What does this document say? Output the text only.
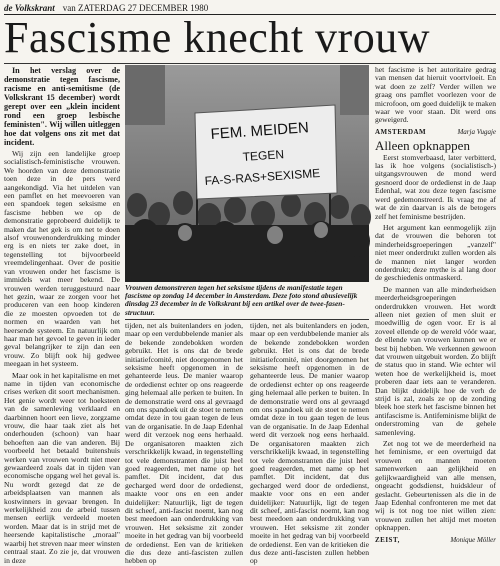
de Volkskrant van ZATERDAG 27 DECEMBER 1980
Fascisme knecht vrouw

In het verslag over de demonstratie tegen fascisme, racisme en anti-semitisme (de Volkskrant 15 december) wordt gerept over een „klein incident rond een groep lesbische feministen". Wij willen uitleggen hoe dat volgens ons zit met dat incident.

Wij zijn een landelijke groep socialistisch-feministische vrouwen. We hoorden van deze demonstratie toen deze in de pers werd aangekondigd. Via het uitdelen van een pamflet en het meevoeren van een spandoek tegen seksisme en fascisme hebben we op de demonstratie geprobeerd duidelijk te maken dat het gek is om net te doen alsof vrouwenonderdrukking minder erg is en niets ter zake doet, in tegenstelling tot bijvoorbeeld vreemdelingenhaat. Over de positie van vrouwen onder het fascisme is immidels wat meer bekend. De vrouwen werden teruggestuurd naar het gezin, waar ze zorgen voor het produceren van een hoop kinderen die ze moesten opvoeden tot de normen en waarden van het heersende systeem. En natuurlijk om haar man het gevoel te geven in ieder geval belangrijker te zijn dan een vrouw. Zo blijft ook hij gedwee meegaan in het systeem.

Maar ook in het kapitalisme en met name in tijden van economische crises werken dit soort mechanismen. Het genie wordt weer tot hoeksteen van de samenleving verklaard en daarbinnen hoort een lieve, zorgzame vrouw, die haar taak ziet als het onderhouden (schoon) van haar behoeften aan die van anderen. Bij voorbeeld het betaald buitenshuis werken van vrouwen wordt niet meer gewaardeerd zoals dat in tijden van economische opgang wel het geval is. Nu wordt gezegd dat ze de arbeidsplaatsen van mannen als kostwinners in gevaar brengen. In werkelijkheid zou de arbeid tussen mensen eerlijk verdeeld moeten worden. Maar dat is in strijd met de heersende kapitalistische „moraal" waarbij het streven naar meer winsten centraal staat. Zo zie je, dat vrouwen in deze

FEM. MEIDEN
TEGEN
FA-S-RAS+SEXISME
Vrouwen demonstreren tegen het seksisme tijdens de manifestatie tegen fascisme op zondag 14 december in Amsterdam. Deze foto stond abusievelijk dinsdag 23 december in de Volkskrant bij een artikel over de twee-fasen-structuur.

tijden, net als buitenlanders en joden, maar op een verdubbelende manier als de bekende zondebokken worden gebruikt. Het is ons dat de brede initiatiefcomité, niet doorgenomen het seksisme heeft opgenomen in de gehanteerde leus. De manier waarop de ordedienst echter op ons reageerde ging helemaal alle perken te buiten. In de demonstratie werd ons al gevraagd om ons spandoek uit de stoet te nemen omdat deze in tou gaan tegen de leus van de organisatie. In de Jaap Edenhal werd dit verzoek nog eens herhaald. De organisatoren maakten zich verschrikkelijk kwaad, in tegenstelling tot vele demonstranten die juist heel goed reageerden, met name op het pamflet. Dit incident, dat dus gecharged werd door de ordedienst, maakte voor ons en een ander duidelijker: Natuurlijk, ligt de tegen dit scheef, anti-fascist noemt, kan nog best meedoen aan onderdrukking van vrouwen. Het seksisme zit zonder moeite in het gedrag van bij voorbeeld de ordedienst. Een van de kritieken die dus deze anti-fascisten zullen hebben op

tijden, net als buitenlanders en joden, maar op een verdubbelende manier als de bekende zondebokken worden gebruikt. Het is ons dat de brede initiatiefcomité, niet doorgenomen het seksisme heeft opgenomen in de gehanteerde leus. De manier waarop de ordedienst echter op ons reageerde ging helemaal alle perken te buiten. In de demonstratie werd ons al gevraagd om ons spandoek uit de stoet te nemen omdat deze in tou gaan tegen de leus van de organisatie. In de Jaap Edenhal werd dit verzoek nog eens herhaald. De organisatoren maakten zich verschrikkelijk kwaad, in tegenstelling tot vele demonstranten die juist heel goed reageerden, met name op het pamflet. Dit incident, dat dus gecharged werd door de ordedienst, maakte voor ons en een ander duidelijker: Natuurlijk, ligt de tegen dit scheef, anti-fascist noemt, kan nog best meedoen aan onderdrukking van vrouwen. Het seksisme zit zonder moeite in het gedrag van bij voorbeeld de ordedienst. Een van de kritieken die dus deze anti-fascisten zullen hebben op

het fascisme is het autoritaire gedrag van mensen dat hieruit voortvloeit. En wat doen ze zelf? Verder willen we graag ons pamflet voorlezen voor de microfoon, om goed duidelijk te maken waar we voor staan. Dit werd ons geweigerd.

AMSTERDAM	Marja Vugaje
Alleen opknappen

Eerst stomverbaasd, later verbitterd, las ik hoe volgens (socialistisch-) uitgangsvrouwen de mond werd gesnoerd door de ordedienst in de Jaap Edenhal, wat zou deze tegen fascisme werd gedemonstreerd. Ik vraag me af wat de zin daarvan is als de betogers zelf het feminisme bestrijden.

Het argument kan eenmogelijk zijn dat de vrouwen die behoren tot minderheidsgroeperingen „vanzelf" niet meer onderdrukt zullen worden als de mannen niet langer worden onderdrukt; deze mythe is al lang door de geschiedenis ontmaskerd.

De mannen van alle minderheidsen meerderheidsgroeperingen onderdrukken vrouwen. Het wordt alleen niet gezien of men sluit er moedwillig de ogen voor. Er is al zoveel ellende op de wereld vóór waar, de ellende van vrouwen kunnen we er best bij hebben. We verkennen gewoon dat vrouwen uitgebuit worden. Zo blijft de status quo in stand. Wie echter wil weten hoe de werkelijkheid is, moet proberen daar iets aan te veranderen. Dan blijkt duidelijk hoe de verh de strijd is zal, zoals ze op de zonding bleek hoe sterk het fascisme binnen het antifascisme is. Antifeminisme blijkt de onderstroming van de gehele samenleving.

Zet nog tot we de meerderheid na het feminisme, er een overtuigd dat vrouwen en mannen moeten samenwerken aan gelijkheid en gelijkwaardigheid van alle mensen, ongeacht godsdienst, huidskleur of geslacht. Gebeurtenissen als die in de Jaap Edenhal confronteren me met dat wij is tot nog toe niet willen zien: vrouwen zullen het altijd met moeten opknappen.

ZEIST,	Monique Möller
